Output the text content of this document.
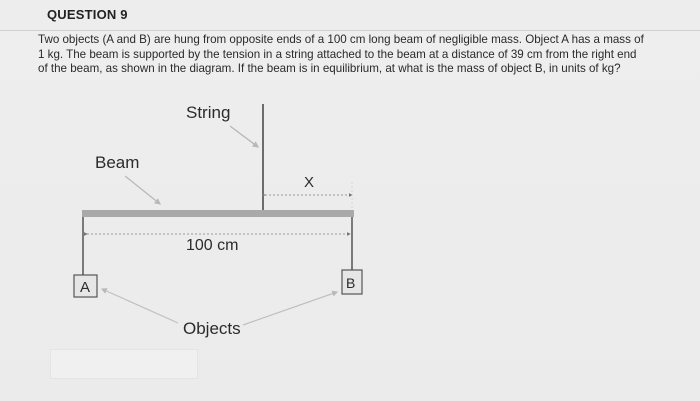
QUESTION 9
Two objects (A and B) are hung from opposite ends of a 100 cm long beam of negligible mass. Object A has a mass of
1 kg. The beam is supported by the tension in a string attached to the beam at a distance of 39 cm from the right end
of the beam, as shown in the diagram. If the beam is in equilibrium, at what is the mass of object B, in units of kg?
String
Beam
X
100 cm
A	B
Objects
